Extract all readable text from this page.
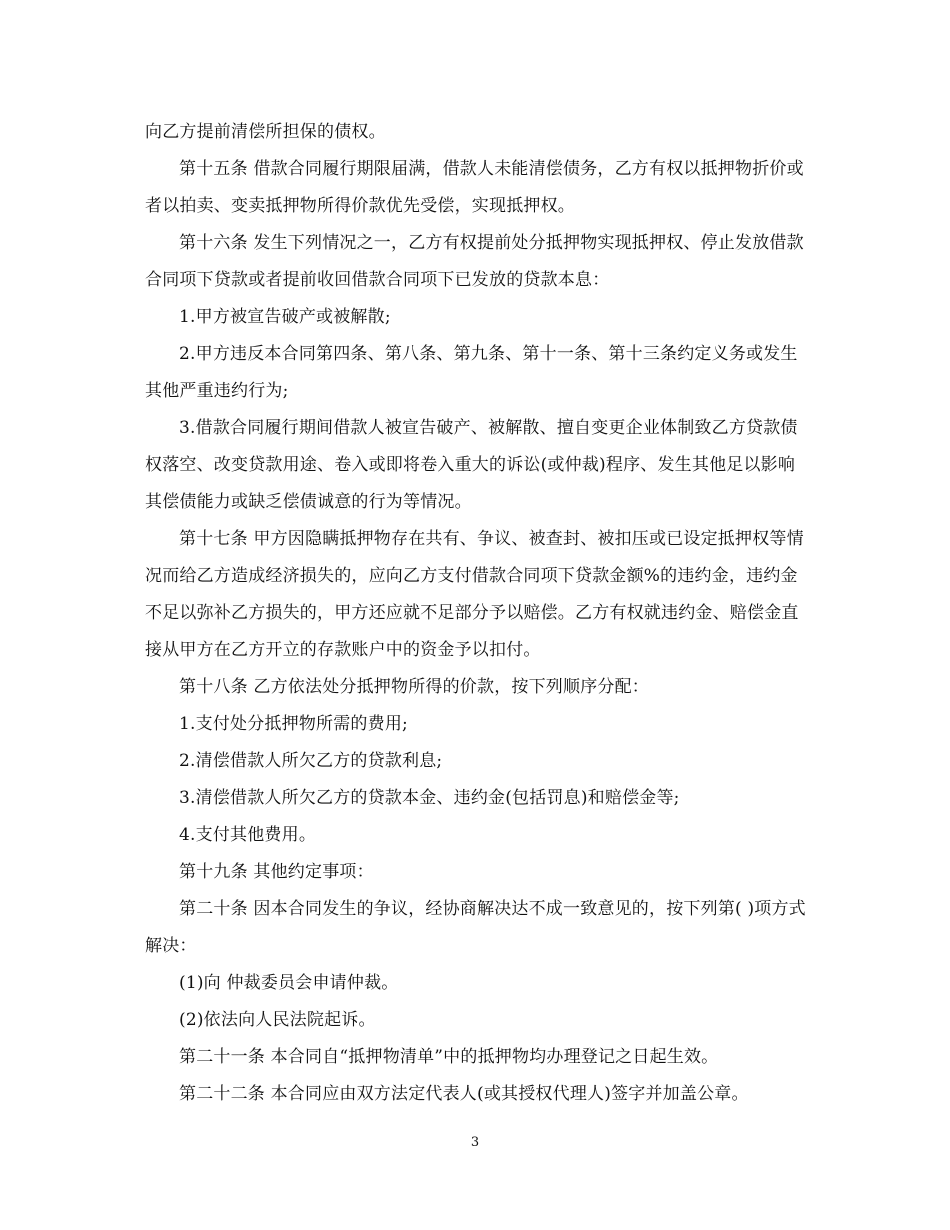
向乙方提前清偿所担保的债权。

第十五条 借款合同履行期限届满，借款人未能清偿债务，乙方有权以抵押物折价或者以拍卖、变卖抵押物所得价款优先受偿，实现抵押权。

第十六条 发生下列情况之一，乙方有权提前处分抵押物实现抵押权、停止发放借款合同项下贷款或者提前收回借款合同项下已发放的贷款本息：

1.甲方被宣告破产或被解散;

2.甲方违反本合同第四条、第八条、第九条、第十一条、第十三条约定义务或发生其他严重违约行为;

3.借款合同履行期间借款人被宣告破产、被解散、擅自变更企业体制致乙方贷款债权落空、改变贷款用途、卷入或即将卷入重大的诉讼(或仲裁)程序、发生其他足以影响其偿债能力或缺乏偿债诚意的行为等情况。

第十七条 甲方因隐瞒抵押物存在共有、争议、被查封、被扣压或已设定抵押权等情况而给乙方造成经济损失的，应向乙方支付借款合同项下贷款金额%的违约金，违约金不足以弥补乙方损失的，甲方还应就不足部分予以赔偿。乙方有权就违约金、赔偿金直接从甲方在乙方开立的存款账户中的资金予以扣付。

第十八条 乙方依法处分抵押物所得的价款，按下列顺序分配：

1.支付处分抵押物所需的费用;

2.清偿借款人所欠乙方的贷款利息;

3.清偿借款人所欠乙方的贷款本金、违约金(包括罚息)和赔偿金等;

4.支付其他费用。

第十九条 其他约定事项：

第二十条 因本合同发生的争议，经协商解决达不成一致意见的，按下列第( )项方式解决：

(1)向 仲裁委员会申请仲裁。

(2)依法向人民法院起诉。

第二十一条 本合同自“抵押物清单”中的抵押物均办理登记之日起生效。

第二十二条 本合同应由双方法定代表人(或其授权代理人)签字并加盖公章。

3
